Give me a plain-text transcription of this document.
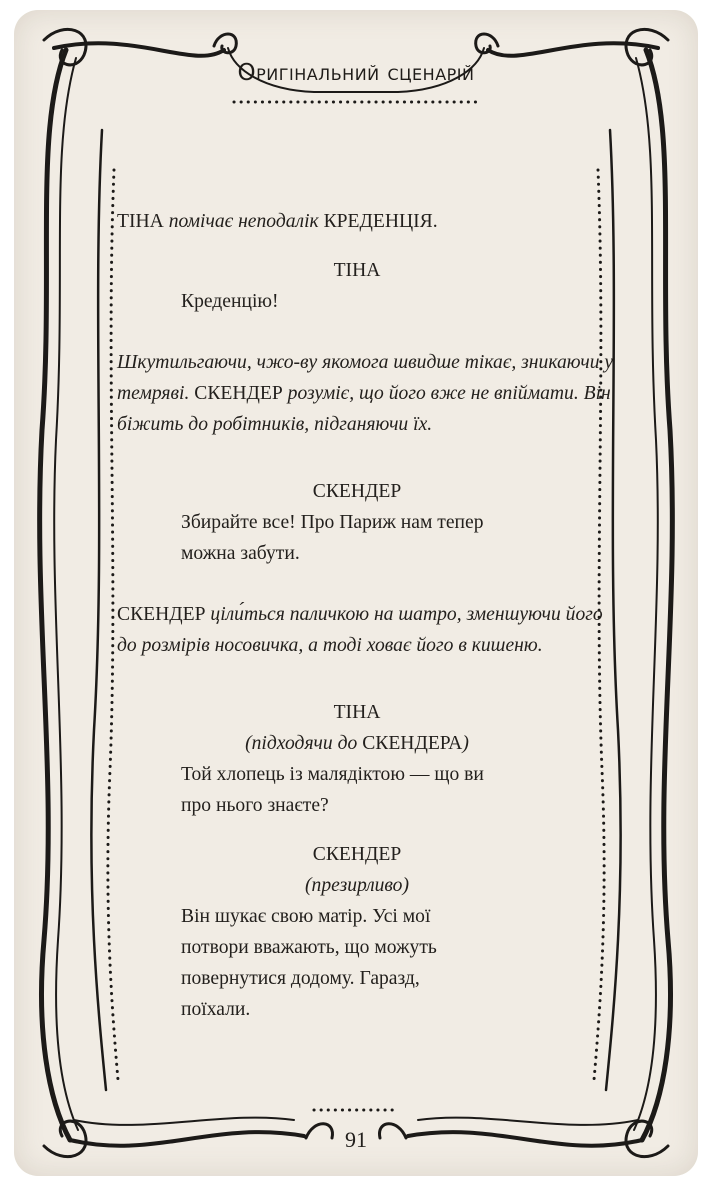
Оригінальний сценарій

ТІНА помічає неподалік КРЕДЕНЦІЯ.

ТІНА

Креденцію!

Шкутильгаючи, чжо-ву якомога швидше тікає, зникаючи у темряві. СКЕНДЕР розуміє, що його вже не впіймати. Він біжить до робітників, підганяючи їх.

СКЕНДЕР

Збирайте все! Про Париж нам тепер можна забути.

СКЕНДЕР ціли́ться паличкою на шатро, зменшуючи його до розмірів носовичка, а тоді ховає його в кишеню.

ТІНА

(підходячи до СКЕНДЕРА)

Той хлопець із малядіктою — що ви про нього знаєте?

СКЕНДЕР

(презирливо)

Він шукає свою матір. Усі мої потвори вважають, що можуть повернутися додому. Гаразд, поїхали.

91
